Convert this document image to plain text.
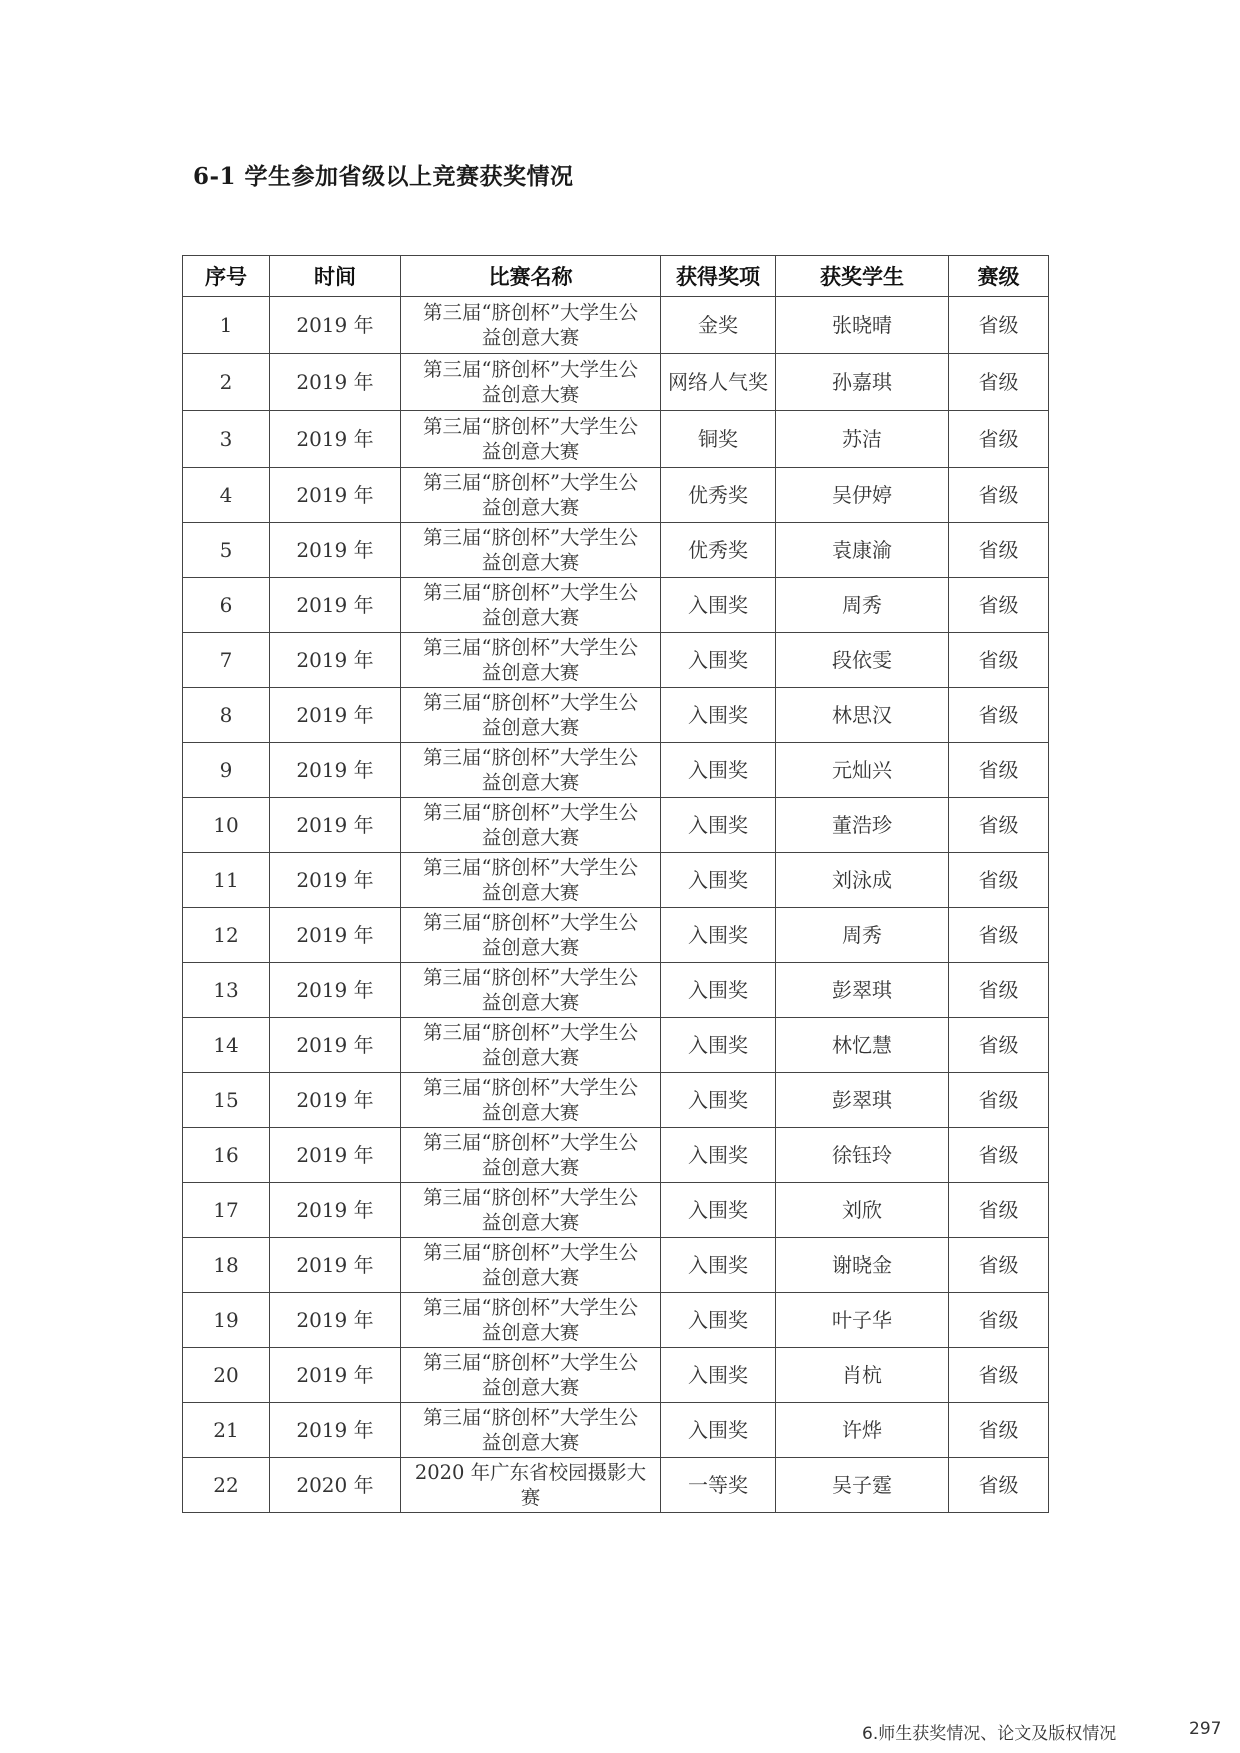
6-1 学生参加省级以上竞赛获奖情况
序号	时间	比赛名称	获得奖项	获奖学生	赛级
1	2019 年	第三届“脐创杯”大学生公
益创意大赛	金奖	张晓晴	省级
2	2019 年	第三届“脐创杯”大学生公
益创意大赛	网络人气奖	孙嘉琪	省级
3	2019 年	第三届“脐创杯”大学生公
益创意大赛	铜奖	苏洁	省级
4	2019 年	第三届“脐创杯”大学生公
益创意大赛	优秀奖	吴伊婷	省级
5	2019 年	第三届“脐创杯”大学生公
益创意大赛	优秀奖	袁康渝	省级
6	2019 年	第三届“脐创杯”大学生公
益创意大赛	入围奖	周秀	省级
7	2019 年	第三届“脐创杯”大学生公
益创意大赛	入围奖	段依雯	省级
8	2019 年	第三届“脐创杯”大学生公
益创意大赛	入围奖	林思汉	省级
9	2019 年	第三届“脐创杯”大学生公
益创意大赛	入围奖	元灿兴	省级
10	2019 年	第三届“脐创杯”大学生公
益创意大赛	入围奖	董浩珍	省级
11	2019 年	第三届“脐创杯”大学生公
益创意大赛	入围奖	刘泳成	省级
12	2019 年	第三届“脐创杯”大学生公
益创意大赛	入围奖	周秀	省级
13	2019 年	第三届“脐创杯”大学生公
益创意大赛	入围奖	彭翠琪	省级
14	2019 年	第三届“脐创杯”大学生公
益创意大赛	入围奖	林忆慧	省级
15	2019 年	第三届“脐创杯”大学生公
益创意大赛	入围奖	彭翠琪	省级
16	2019 年	第三届“脐创杯”大学生公
益创意大赛	入围奖	徐钰玲	省级
17	2019 年	第三届“脐创杯”大学生公
益创意大赛	入围奖	刘欣	省级
18	2019 年	第三届“脐创杯”大学生公
益创意大赛	入围奖	谢晓金	省级
19	2019 年	第三届“脐创杯”大学生公
益创意大赛	入围奖	叶子华	省级
20	2019 年	第三届“脐创杯”大学生公
益创意大赛	入围奖	肖杭	省级
21	2019 年	第三届“脐创杯”大学生公
益创意大赛	入围奖	许烨	省级
22	2020 年	2020 年广东省校园摄影大
赛	一等奖	吴子霆	省级
6.师生获奖情况、论文及版权情况	297
